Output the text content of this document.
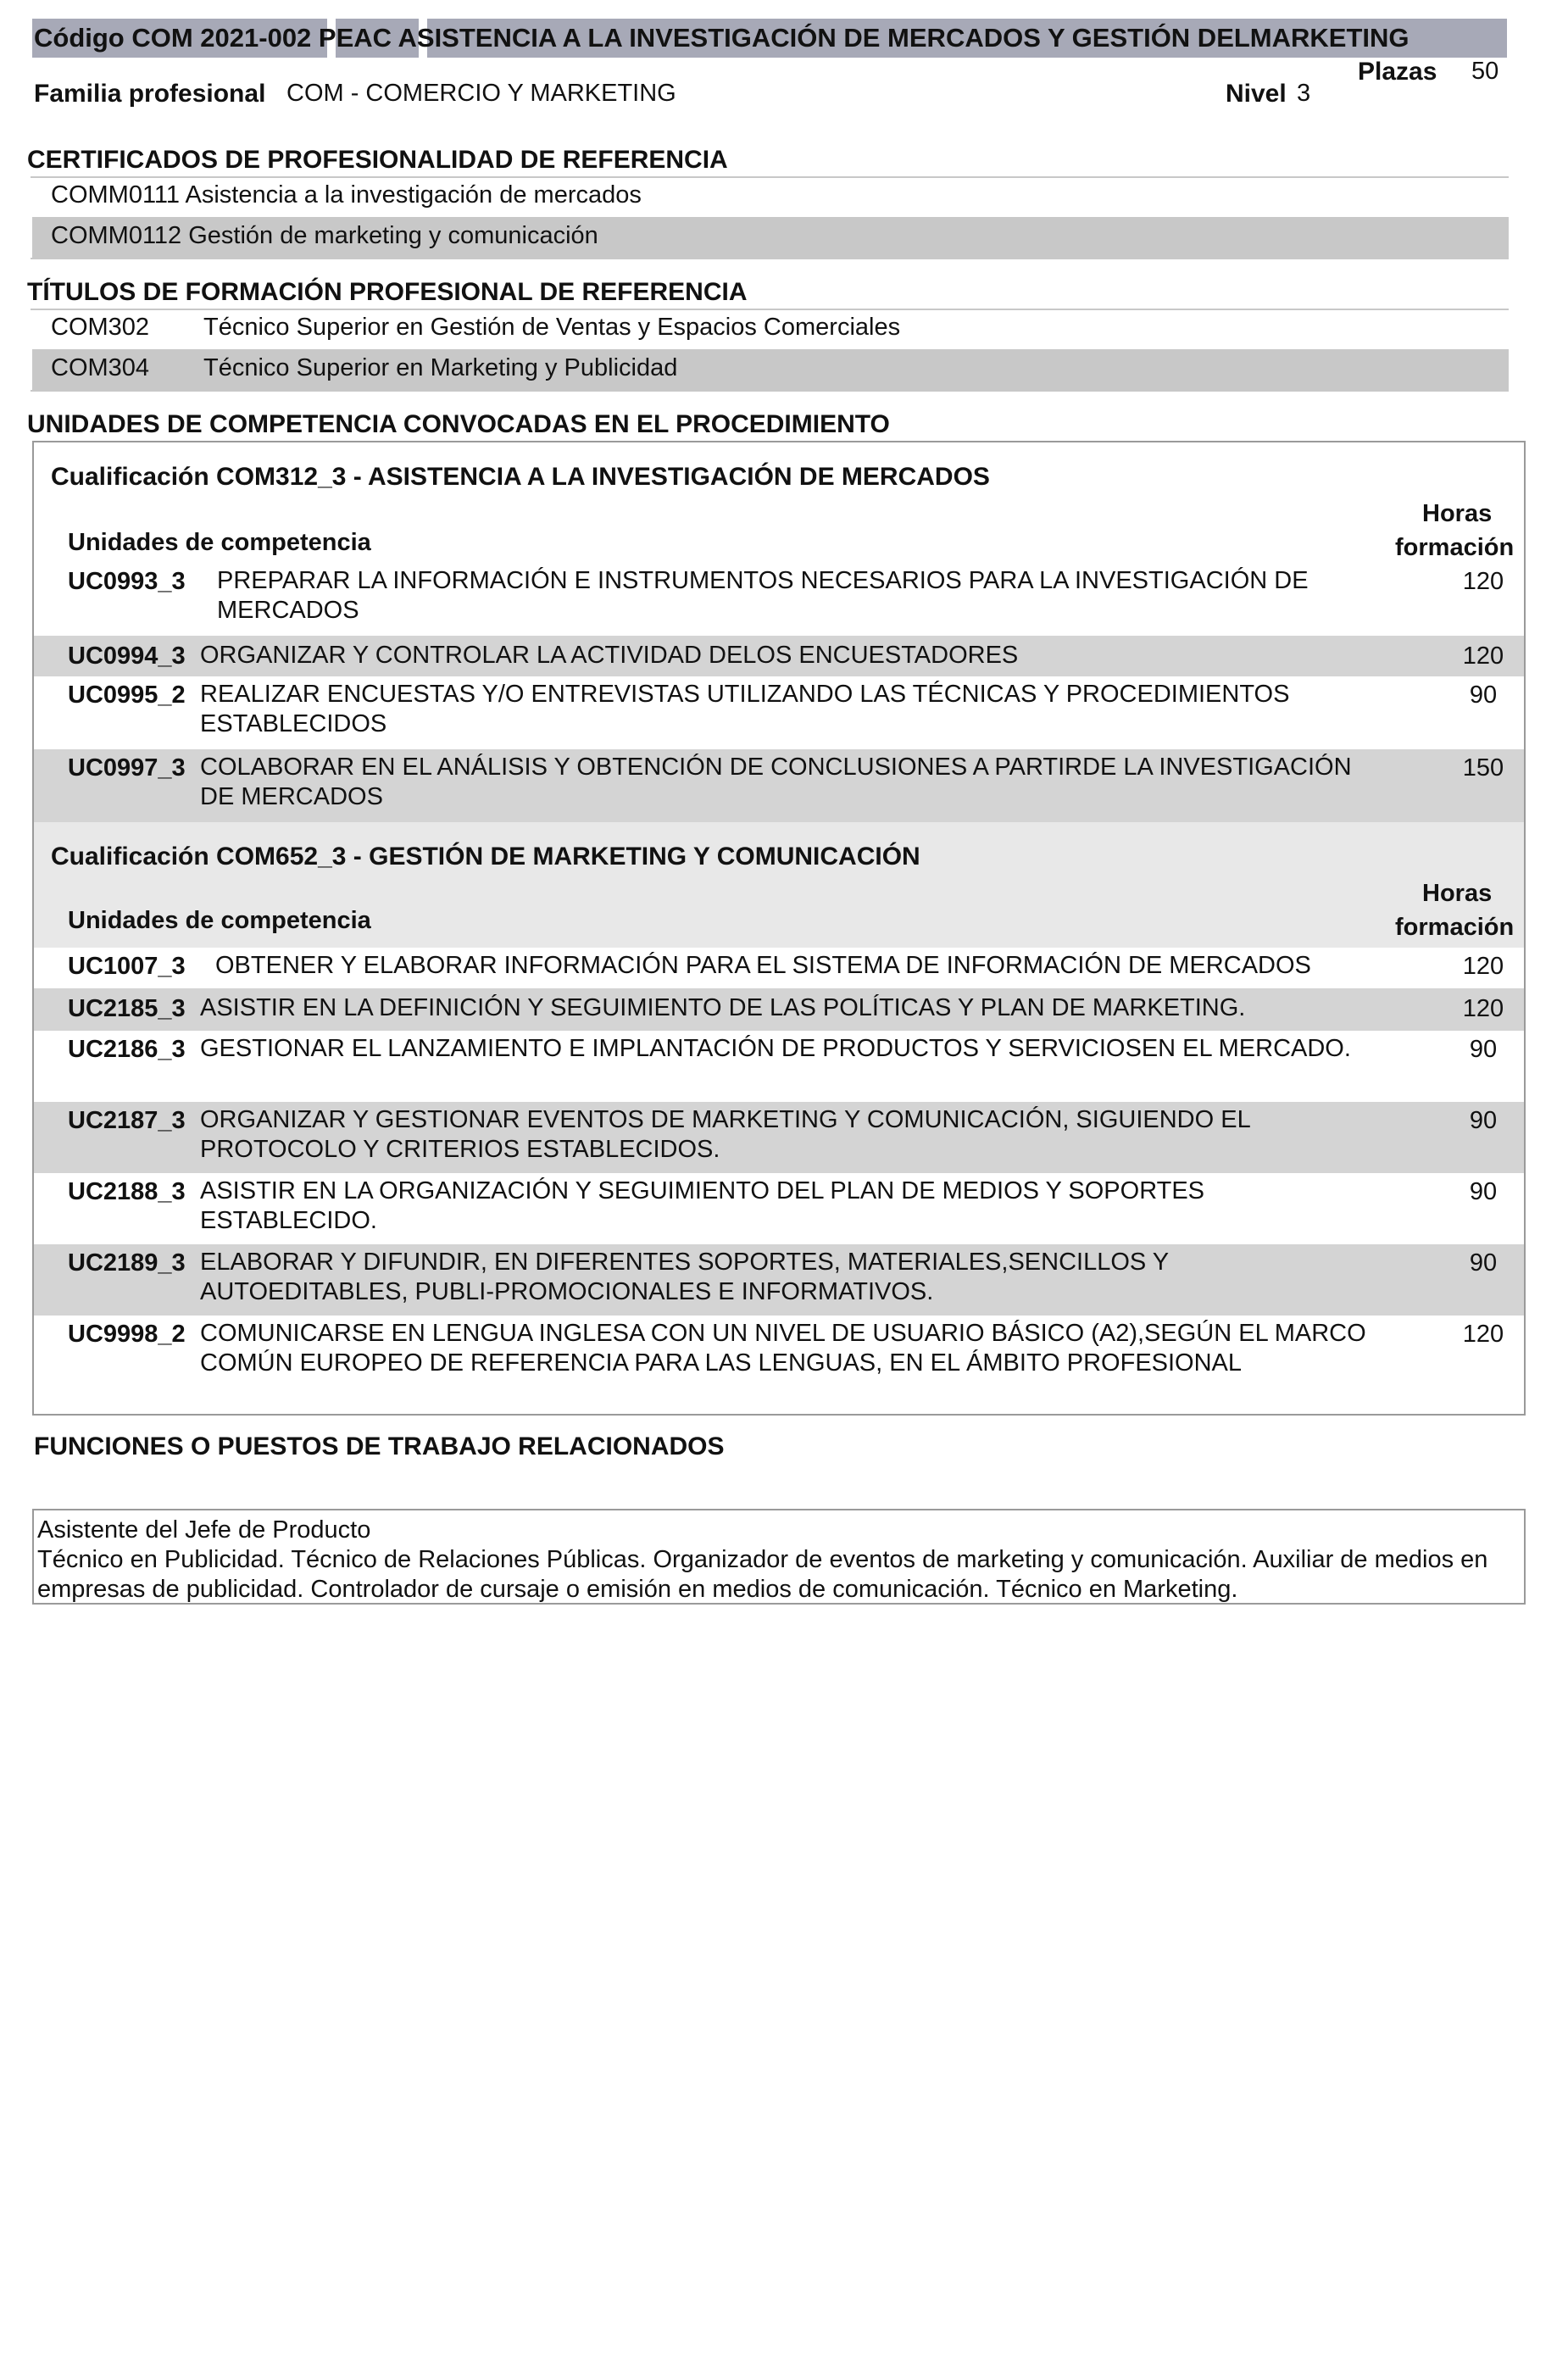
Código COM 2021-002 PEAC ASISTENCIA A LA INVESTIGACIÓN DE MERCADOS Y GESTIÓN DELMARKETING
Familia profesional COM - COMERCIO Y MARKETING	Nivel 3
Plazas 50
CERTIFICADOS DE PROFESIONALIDAD DE REFERENCIA
COMM0111 Asistencia a la investigación de mercados
COMM0112 Gestión de marketing y comunicación
TÍTULOS DE FORMACIÓN PROFESIONAL DE REFERENCIA
COM302 Técnico Superior en Gestión de Ventas y Espacios Comerciales
COM304 Técnico Superior en Marketing y Publicidad
UNIDADES DE COMPETENCIA CONVOCADAS EN EL PROCEDIMIENTO
Cualificación COM312_3 - ASISTENCIA A LA INVESTIGACIÓN DE MERCADOS
Horas
formación
Unidades de competencia
UC0993_3 PREPARAR LA INFORMACIÓN E INSTRUMENTOS NECESARIOS PARA LA INVESTIGACIÓN DE MERCADOS
120
UC0994_3 ORGANIZAR Y CONTROLAR LA ACTIVIDAD DELOS ENCUESTADORES	120
UC0995_2 REALIZAR ENCUESTAS Y/O ENTREVISTAS UTILIZANDO LAS TÉCNICAS Y PROCEDIMIENTOS ESTABLECIDOS
90
UC0997_3 COLABORAR EN EL ANÁLISIS Y OBTENCIÓN DE CONCLUSIONES A PARTIRDE LA INVESTIGACIÓN DE MERCADOS
150
Cualificación COM652_3 - GESTIÓN DE MARKETING Y COMUNICACIÓN
Horas
formación
Unidades de competencia
UC1007_3 OBTENER Y ELABORAR INFORMACIÓN PARA EL SISTEMA DE INFORMACIÓN DE MERCADOS	120
UC2185_3 ASISTIR EN LA DEFINICIÓN Y SEGUIMIENTO DE LAS POLÍTICAS Y PLAN DE MARKETING.	120
UC2186_3 GESTIONAR EL LANZAMIENTO E IMPLANTACIÓN DE PRODUCTOS Y SERVICIOSEN EL MERCADO.	90
UC2187_3 ORGANIZAR Y GESTIONAR EVENTOS DE MARKETING Y COMUNICACIÓN, SIGUIENDO EL PROTOCOLO Y CRITERIOS ESTABLECIDOS.
90
UC2188_3 ASISTIR EN LA ORGANIZACIÓN Y SEGUIMIENTO DEL PLAN DE MEDIOS Y SOPORTES ESTABLECIDO.
90
UC2189_3 ELABORAR Y DIFUNDIR, EN DIFERENTES SOPORTES, MATERIALES,SENCILLOS Y AUTOEDITABLES, PUBLI-PROMOCIONALES E INFORMATIVOS.
90
UC9998_2 COMUNICARSE EN LENGUA INGLESA CON UN NIVEL DE USUARIO BÁSICO (A2),SEGÚN EL MARCO COMÚN EUROPEO DE REFERENCIA PARA LAS LENGUAS, EN EL ÁMBITO PROFESIONAL
120
FUNCIONES O PUESTOS DE TRABAJO RELACIONADOS
Asistente del Jefe de Producto
Técnico en Publicidad. Técnico de Relaciones Públicas. Organizador de eventos de marketing y comunicación. Auxiliar de medios en empresas de publicidad. Controlador de cursaje o emisión en medios de comunicación. Técnico en Marketing.
